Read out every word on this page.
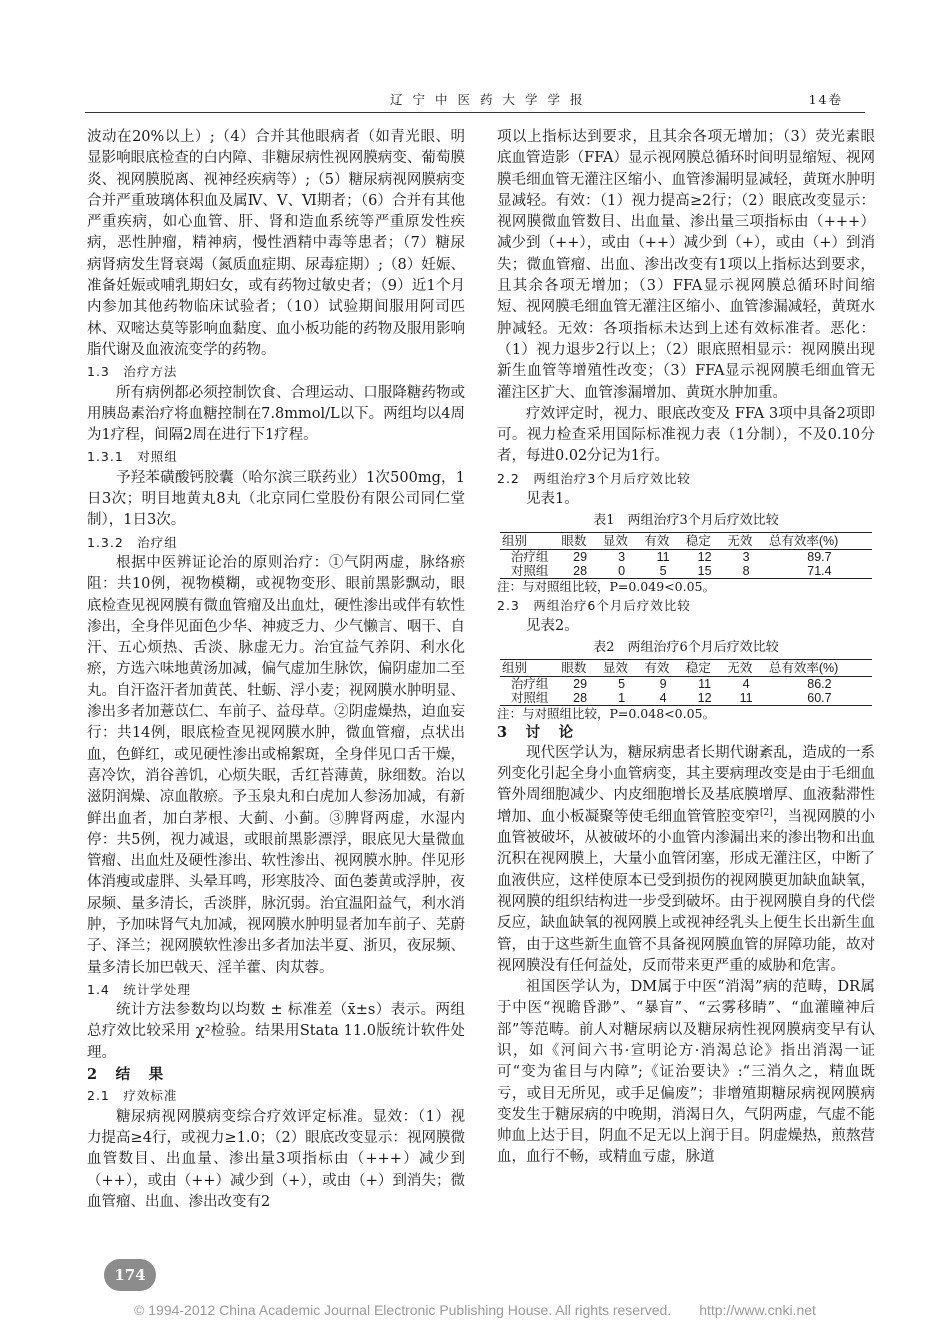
辽宁中医药大学学报	14卷

波动在20%以上）;（4）合并其他眼病者（如青光眼、明显影响眼底检查的白内障、非糖尿病性视网膜病变、葡萄膜炎、视网膜脱离、视神经疾病等）;（5）糖尿病视网膜病变合并严重玻璃体积血及属Ⅳ、Ⅴ、Ⅵ期者；（6）合并有其他严重疾病，如心血管、肝、肾和造血系统等严重原发性疾病，恶性肿瘤，精神病，慢性酒精中毒等患者；（7）糖尿病肾病发生肾衰竭（氮质血症期、尿毒症期）;（8）妊娠、准备妊娠或哺乳期妇女，或有药物过敏史者；（9）近1个月内参加其他药物临床试验者；（10）试验期间服用阿司匹林、双嘧达莫等影响血黏度、血小板功能的药物及服用影响脂代谢及血液流变学的药物。

1.3　治疗方法

所有病例都必须控制饮食、合理运动、口服降糖药物或用胰岛素治疗将血糖控制在7.8mmol/L以下。两组均以4周为1疗程，间隔2周在进行下1疗程。

1.3.1　对照组

予羟苯磺酸钙胶囊（哈尔滨三联药业）1次500mg，1日3次；明目地黄丸8丸（北京同仁堂股份有限公司同仁堂制），1日3次。

1.3.2　治疗组

根据中医辨证论治的原则治疗：①气阴两虚，脉络瘀阻：共10例，视物模糊，或视物变形、眼前黑影飘动，眼底检查见视网膜有微血管瘤及出血灶，硬性渗出或伴有软性渗出，全身伴见面色少华、神疲乏力、少气懒言、咽干、自汗、五心烦热、舌淡、脉虚无力。治宜益气养阴、利水化瘀，方选六味地黄汤加减，偏气虚加生脉饮，偏阴虚加二至丸。自汗盗汗者加黄芪、牡蛎、浮小麦；视网膜水肿明显、渗出多者加薏苡仁、车前子、益母草。②阴虚燥热，迫血妄行：共14例，眼底检查见视网膜水肿，微血管瘤，点状出血，色鲜红，或见硬性渗出或棉絮斑，全身伴见口舌干燥，喜冷饮，消谷善饥，心烦失眠，舌红苔薄黄，脉细数。治以滋阴润燥、凉血散瘀。予玉泉丸和白虎加人参汤加减，有新鲜出血者，加白茅根、大蓟、小蓟。③脾肾两虚，水湿内停：共5例，视力减退，或眼前黑影漂浮，眼底见大量微血管瘤、出血灶及硬性渗出、软性渗出、视网膜水肿。伴见形体消瘦或虚胖、头晕耳鸣，形寒肢冷、面色萎黄或浮肿，夜尿频、量多清长，舌淡胖，脉沉弱。治宜温阳益气，利水消肿，予加味肾气丸加减，视网膜水肿明显者加车前子、芜蔚子、泽兰；视网膜软性渗出多者加法半夏、浙贝，夜尿频、量多清长加巴戟天、淫羊藿、肉苁蓉。

1.4　统计学处理

统计方法参数均以均数 ± 标准差（x̄±s）表示。两组总疗效比较采用 χ²检验。结果用Stata 11.0版统计软件处理。

2　结　果

2.1　疗效标准

糖尿病视网膜病变综合疗效评定标准。显效：（1）视力提高≥4行，或视力≥1.0；（2）眼底改变显示：视网膜微血管数目、出血量、渗出量3项指标由（+++）减少到（++），或由（++）减少到（+），或由（+）到消失；微血管瘤、出血、渗出改变有2

项以上指标达到要求，且其余各项无增加；（3）荧光素眼底血管造影（FFA）显示视网膜总循环时间明显缩短、视网膜毛细血管无灌注区缩小、血管渗漏明显减轻，黄斑水肿明显减轻。有效：（1）视力提高≥2行；（2）眼底改变显示：视网膜微血管数目、出血量、渗出量三项指标由（+++）减少到（++），或由（++）减少到（+），或由（+）到消失；微血管瘤、出血、渗出改变有1项以上指标达到要求，且其余各项无增加；（3）FFA显示视网膜总循环时间缩短、视网膜毛细血管无灌注区缩小、血管渗漏减轻，黄斑水肿减轻。无效：各项指标未达到上述有效标准者。恶化：（1）视力退步2行以上；（2）眼底照相显示：视网膜出现新生血管等增殖性改变；（3）FFA显示视网膜毛细血管无灌注区扩大、血管渗漏增加、黄斑水肿加重。

疗效评定时，视力、眼底改变及 FFA 3项中具备2项即可。视力检查采用国际标准视力表（1分制），不及0.10分者，每进0.02分记为1行。

2.2　两组治疗3个月后疗效比较

见表1。

表1　两组治疗3个月后疗效比较

组别	眼数	显效	有效	稳定	无效	总有效率(%)
治疗组	29	3	11	12	3	89.7
对照组	28	0	5	15	8	71.4

注：与对照组比较，P=0.049<0.05。

2.3　两组治疗6个月后疗效比较

见表2。

表2　两组治疗6个月后疗效比较

组别	眼数	显效	有效	稳定	无效	总有效率(%)
治疗组	29	5	9	11	4	86.2
对照组	28	1	4	12	11	60.7

注：与对照组比较，P=0.048<0.05。

3　讨　论

现代医学认为，糖尿病患者长期代谢紊乱，造成的一系列变化引起全身小血管病变，其主要病理改变是由于毛细血管外周细胞减少、内皮细胞增长及基底膜增厚、血液黏滞性增加、血小板凝聚等使毛细血管管腔变窄[2]，当视网膜的小血管被破坏，从被破坏的小血管内渗漏出来的渗出物和出血沉积在视网膜上，大量小血管闭塞，形成无灌注区，中断了血液供应，这样使原本已受到损伤的视网膜更加缺血缺氧，视网膜的组织结构进一步受到破坏。由于视网膜自身的代偿反应，缺血缺氧的视网膜上或视神经乳头上便生长出新生血管，由于这些新生血管不具备视网膜血管的屏障功能，故对视网膜没有任何益处，反而带来更严重的威胁和危害。

祖国医学认为，DM属于中医“消渴”病的范畴，DR属于中医“视瞻昏渺”、“暴盲”、“云雾移睛”、“血灌瞳神后部”等范畴。前人对糖尿病以及糖尿病性视网膜病变早有认识，如《河间六书·宣明论方·消渴总论》指出消渴一证可“变为雀目与内障”;《证治要诀》:“三消久之，精血既亏，或目无所见，或手足偏废”；非增殖期糖尿病视网膜病变发生于糖尿病的中晚期，消渴日久，气阴两虚，气虚不能帅血上达于目，阴血不足无以上润于目。阴虚燥热，煎熬营血，血行不畅，或精血亏虚，脉道

174
© 1994-2012 China Academic Journal Electronic Publishing House. All rights reserved.　　http://www.cnki.net
